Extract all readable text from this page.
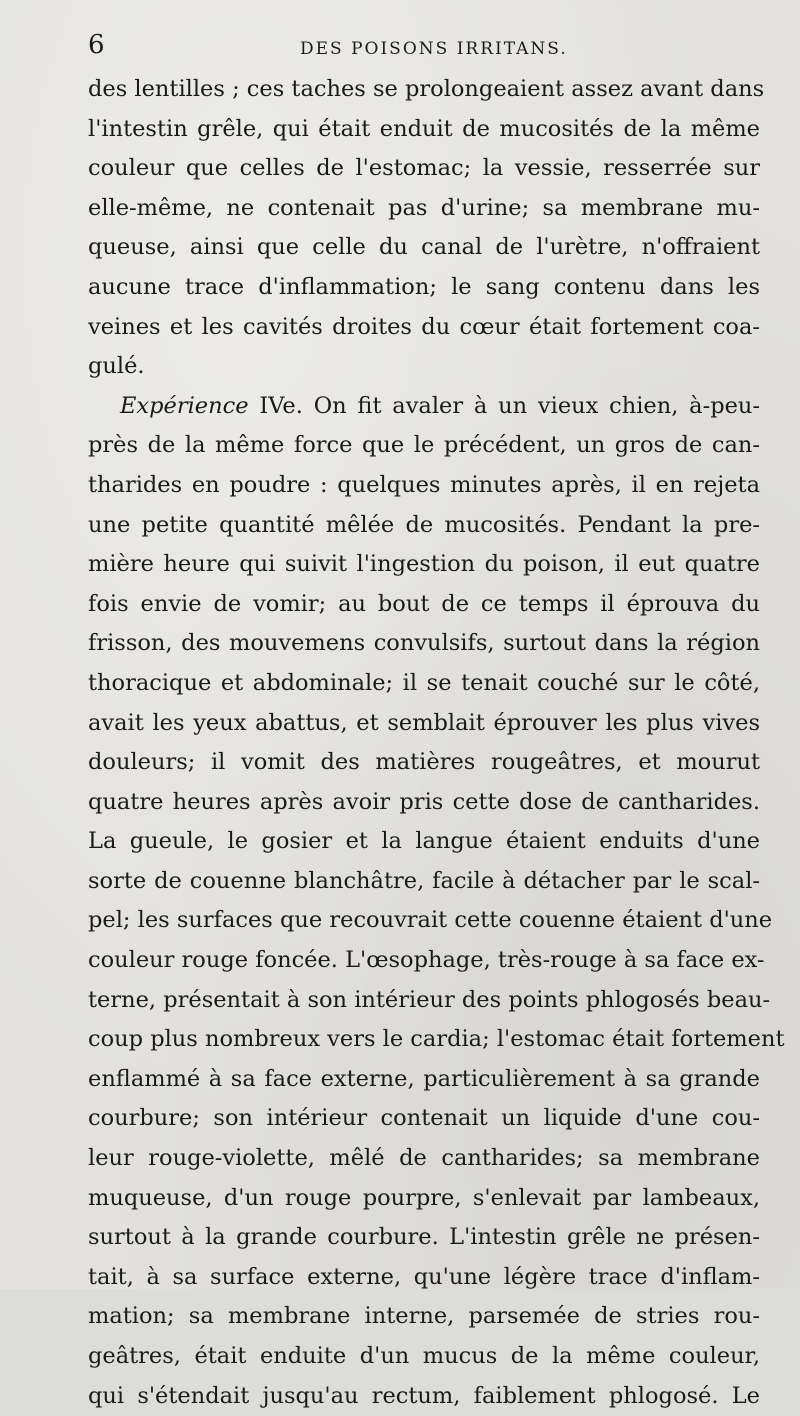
6	DES POISONS IRRITANS.
des lentilles ; ces taches se prolongeaient assez avant dans
l'intestin grêle, qui était enduit de mucosités de la même
couleur que celles de l'estomac; la vessie, resserrée sur
elle-même, ne contenait pas d'urine; sa membrane mu-
queuse, ainsi que celle du canal de l'urètre, n'offraient
aucune trace d'inflammation; le sang contenu dans les
veines et les cavités droites du cœur était fortement coa-
gulé.
Expérience IVe. On fit avaler à un vieux chien, à-peu-
près de la même force que le précédent, un gros de can-
tharides en poudre : quelques minutes après, il en rejeta
une petite quantité mêlée de mucosités. Pendant la pre-
mière heure qui suivit l'ingestion du poison, il eut quatre
fois envie de vomir; au bout de ce temps il éprouva du
frisson, des mouvemens convulsifs, surtout dans la région
thoracique et abdominale; il se tenait couché sur le côté,
avait les yeux abattus, et semblait éprouver les plus vives
douleurs; il vomit des matières rougeâtres, et mourut
quatre heures après avoir pris cette dose de cantharides.
La gueule, le gosier et la langue étaient enduits d'une
sorte de couenne blanchâtre, facile à détacher par le scal-
pel; les surfaces que recouvrait cette couenne étaient d'une
couleur rouge foncée. L'œsophage, très-rouge à sa face ex-
terne, présentait à son intérieur des points phlogosés beau-
coup plus nombreux vers le cardia; l'estomac était fortement
enflammé à sa face externe, particulièrement à sa grande
courbure; son intérieur contenait un liquide d'une cou-
leur rouge-violette, mêlé de cantharides; sa membrane
muqueuse, d'un rouge pourpre, s'enlevait par lambeaux,
surtout à la grande courbure. L'intestin grêle ne présen-
tait, à sa surface externe, qu'une légère trace d'inflam-
mation; sa membrane interne, parsemée de stries rou-
geâtres, était enduite d'un mucus de la même couleur,
qui s'étendait jusqu'au rectum, faiblement phlogosé. Le
